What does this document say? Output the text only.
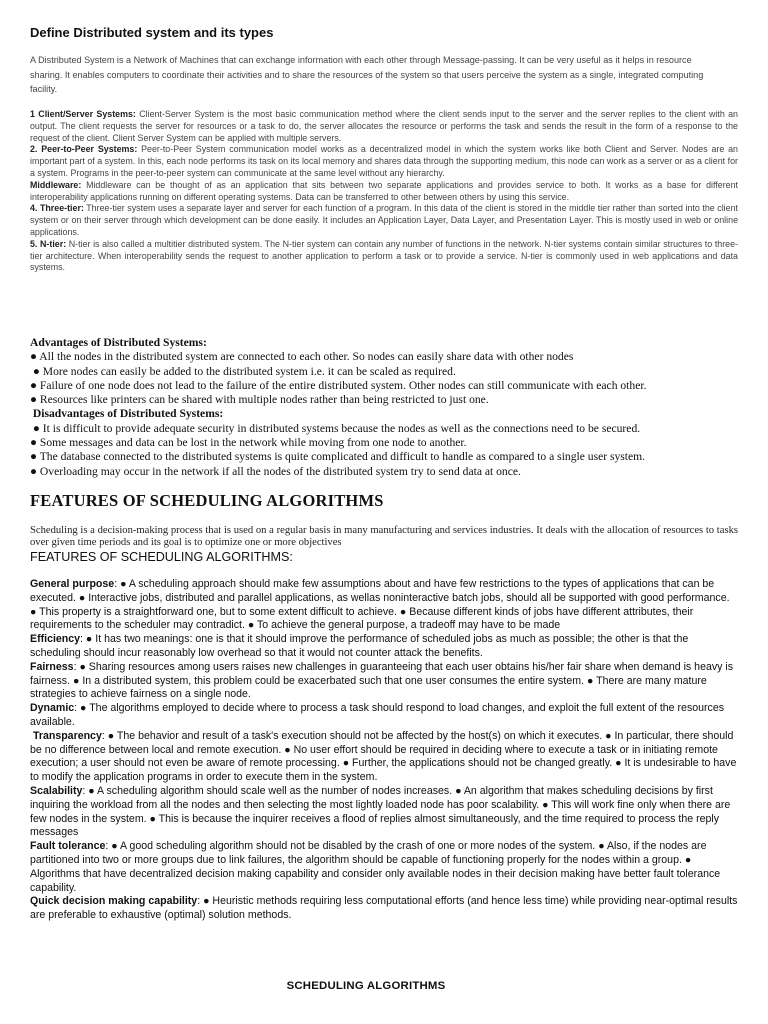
Define Distributed system and its types
A Distributed System is a Network of Machines that can exchange information with each other through Message-passing. It can be very useful as it helps in resource sharing. It enables computers to coordinate their activities and to share the resources of the system so that users perceive the system as a single, integrated computing facility.
1 Client/Server Systems: Client-Server System is the most basic communication method where the client sends input to the server and the server replies to the client with an output. The client requests the server for resources or a task to do, the server allocates the resource or performs the task and sends the result in the form of a response to the request of the client. Client Server System can be applied with multiple servers.
2. Peer-to-Peer Systems: Peer-to-Peer System communication model works as a decentralized model in which the system works like both Client and Server. Nodes are an important part of a system. In this, each node performs its task on its local memory and shares data through the supporting medium, this node can work as a server or as a client for a system. Programs in the peer-to-peer system can communicate at the same level without any hierarchy.
Middleware: Middleware can be thought of as an application that sits between two separate applications and provides service to both. It works as a base for different interoperability applications running on different operating systems. Data can be transferred to other between others by using this service.
4. Three-tier: Three-tier system uses a separate layer and server for each function of a program. In this data of the client is stored in the middle tier rather than sorted into the client system or on their server through which development can be done easily. It includes an Application Layer, Data Layer, and Presentation Layer. This is mostly used in web or online applications.
5. N-tier: N-tier is also called a multitier distributed system. The N-tier system can contain any number of functions in the network. N-tier systems contain similar structures to three-tier architecture. When interoperability sends the request to another application to perform a task or to provide a service. N-tier is commonly used in web applications and data systems.
Advantages of Distributed Systems:
● All the nodes in the distributed system are connected to each other. So nodes can easily share data with other nodes
● More nodes can easily be added to the distributed system i.e. it can be scaled as required.
● Failure of one node does not lead to the failure of the entire distributed system. Other nodes can still communicate with each other.
● Resources like printers can be shared with multiple nodes rather than being restricted to just one.
Disadvantages of Distributed Systems:
● It is difficult to provide adequate security in distributed systems because the nodes as well as the connections need to be secured.
● Some messages and data can be lost in the network while moving from one node to another.
● The database connected to the distributed systems is quite complicated and difficult to handle as compared to a single user system.
● Overloading may occur in the network if all the nodes of the distributed system try to send data at once.
FEATURES OF SCHEDULING ALGORITHMS
Scheduling is a decision-making process that is used on a regular basis in many manufacturing and services industries. It deals with the allocation of resources to tasks over given time periods and its goal is to optimize one or more objectives
FEATURES OF SCHEDULING ALGORITHMS:
General purpose: ● A scheduling approach should make few assumptions about and have few restrictions to the types of applications that can be executed. ● Interactive jobs, distributed and parallel applications, as wellas noninteractive batch jobs, should all be supported with good performance. ● This property is a straightforward one, but to some extent difficult to achieve. ● Because different kinds of jobs have different attributes, their requirements to the scheduler may contradict. ● To achieve the general purpose, a tradeoff may have to be made
Efficiency: ● It has two meanings: one is that it should improve the performance of scheduled jobs as much as possible; the other is that the scheduling should incur reasonably low overhead so that it would not counter attack the benefits.
Fairness: ● Sharing resources among users raises new challenges in guaranteeing that each user obtains his/her fair share when demand is heavy is fairness. ● In a distributed system, this problem could be exacerbated such that one user consumes the entire system. ● There are many mature strategies to achieve fairness on a single node.
Dynamic: ● The algorithms employed to decide where to process a task should respond to load changes, and exploit the full extent of the resources available.
Transparency: ● The behavior and result of a task's execution should not be affected by the host(s) on which it executes. ● In particular, there should be no difference between local and remote execution. ● No user effort should be required in deciding where to execute a task or in initiating remote execution; a user should not even be aware of remote processing. ● Further, the applications should not be changed greatly. ● It is undesirable to have to modify the application programs in order to execute them in the system.
Scalability: ● A scheduling algorithm should scale well as the number of nodes increases. ● An algorithm that makes scheduling decisions by first inquiring the workload from all the nodes and then selecting the most lightly loaded node has poor scalability. ● This will work fine only when there are few nodes in the system. ● This is because the inquirer receives a flood of replies almost simultaneously, and the time required to process the reply messages
Fault tolerance: ● A good scheduling algorithm should not be disabled by the crash of one or more nodes of the system. ● Also, if the nodes are partitioned into two or more groups due to link failures, the algorithm should be capable of functioning properly for the nodes within a group. ● Algorithms that have decentralized decision making capability and consider only available nodes in their decision making have better fault tolerance capability.
Quick decision making capability: ● Heuristic methods requiring less computational efforts (and hence less time) while providing near-optimal results are preferable to exhaustive (optimal) solution methods.
SCHEDULING ALGORITHMS
